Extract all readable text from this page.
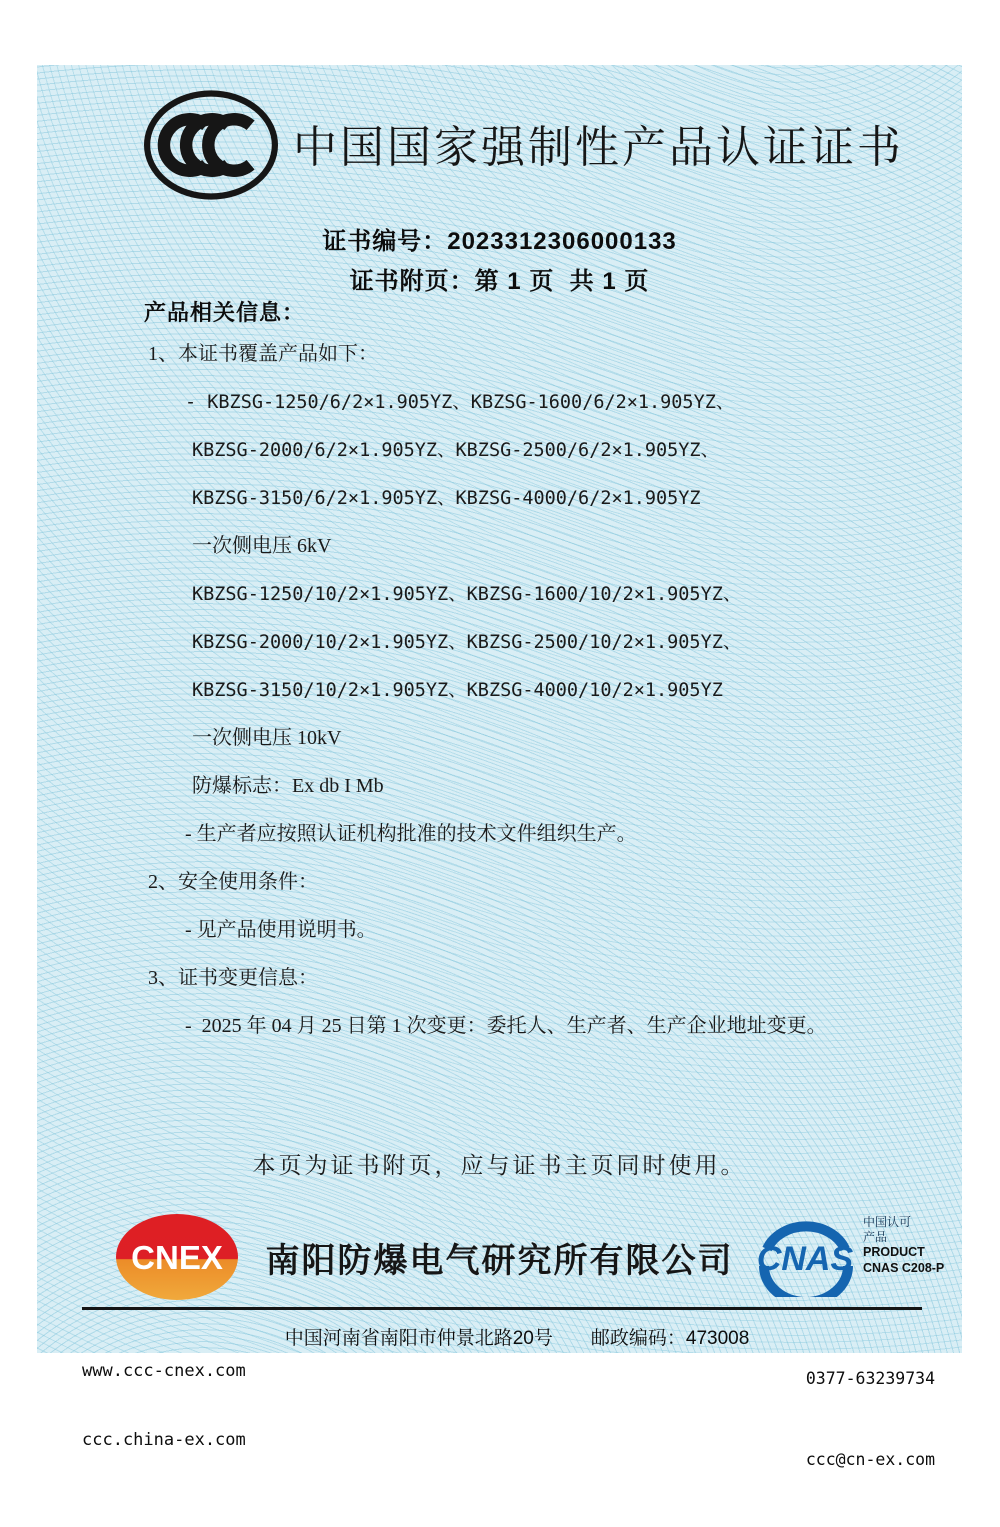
中国国家强制性产品认证证书
证书编号：2023312306000133
证书附页：第 1 页  共 1 页
产品相关信息：
1、本证书覆盖产品如下：
- KBZSG-1250/6/2×1.905YZ、KBZSG-1600/6/2×1.905YZ、
KBZSG-2000/6/2×1.905YZ、KBZSG-2500/6/2×1.905YZ、
KBZSG-3150/6/2×1.905YZ、KBZSG-4000/6/2×1.905YZ
一次侧电压 6kV
KBZSG-1250/10/2×1.905YZ、KBZSG-1600/10/2×1.905YZ、
KBZSG-2000/10/2×1.905YZ、KBZSG-2500/10/2×1.905YZ、
KBZSG-3150/10/2×1.905YZ、KBZSG-4000/10/2×1.905YZ
一次侧电压 10kV
防爆标志：Ex db I Mb
- 生产者应按照认证机构批准的技术文件组织生产。
2、安全使用条件：
- 见产品使用说明书。
3、证书变更信息：
-  2025 年 04 月 25 日第 1 次变更：委托人、生产者、生产企业地址变更。
本页为证书附页，应与证书主页同时使用。
CNEX	南阳防爆电气研究所有限公司 CNAS
中国认可
产品
PRODUCT
CNAS C208-P

www.ccc-cnex.com

ccc.china-ex.com

中国河南省南阳市仲景北路20号　　 邮政编码：473008

0377-63239734

ccc@cn-ex.com
